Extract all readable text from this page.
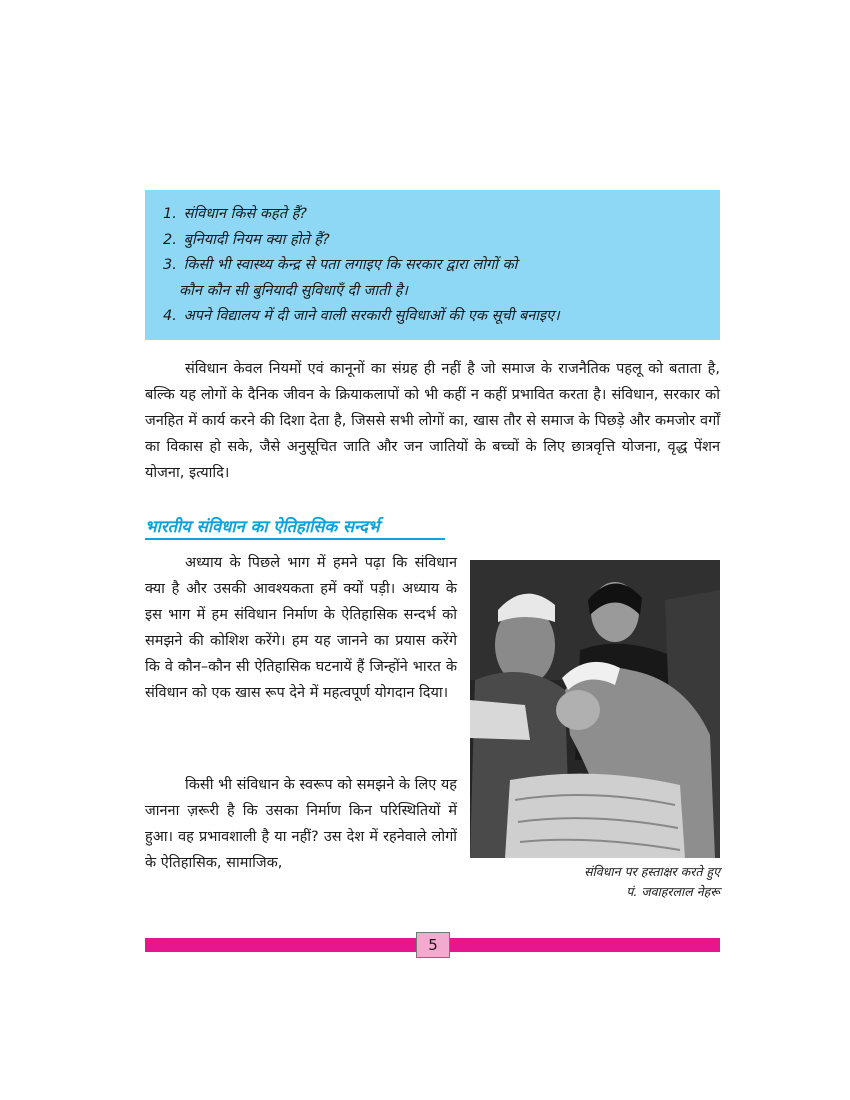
1. संविधान किसे कहते हैं?
2. बुनियादी नियम क्या होते हैं?
3. किसी भी स्वास्थ्य केन्द्र से पता लगाइए कि सरकार द्वारा लोगों को
कौन कौन सी बुनियादी सुविधाएँ दी जाती है।
4. अपने विद्यालय में दी जाने वाली सरकारी सुविधाओं की एक सूची बनाइए।

संविधान केवल नियमों एवं कानूनों का संग्रह ही नहीं है जो समाज के राजनैतिक पहलू को बताता है, बल्कि यह लोगों के दैनिक जीवन के क्रियाकलापों को भी कहीं न कहीं प्रभावित करता है। संविधान, सरकार को जनहित में कार्य करने की दिशा देता है, जिससे सभी लोगों का, खास तौर से समाज के पिछड़े और कमजोर वर्गों का विकास हो सके, जैसे अनुसूचित जाति और जन जातियों के बच्चों के लिए छात्रवृत्ति योजना, वृद्ध पेंशन योजना, इत्यादि।

भारतीय संविधान का ऐतिहासिक सन्दर्भ

अध्याय के पिछले भाग में हमने पढ़ा कि संविधान क्या है और उसकी आवश्यकता हमें क्यों पड़ी। अध्याय के इस भाग में हम संविधान निर्माण के ऐतिहासिक सन्दर्भ को समझने की कोशिश करेंगे। हम यह जानने का प्रयास करेंगे कि वे कौन–कौन सी ऐतिहासिक घटनायें हैं जिन्होंने भारत के संविधान को एक खास रूप देने में महत्वपूर्ण योगदान दिया।

किसी भी संविधान के स्वरूप को समझने के लिए यह जानना ज़रूरी है कि उसका निर्माण किन परिस्थितियों में हुआ। वह प्रभावशाली है या नहीं? उस देश में रहनेवाले लोगों के ऐतिहासिक, सामाजिक,

संविधान पर हस्ताक्षर करते हुए
पं. जवाहरलाल नेहरू

5
